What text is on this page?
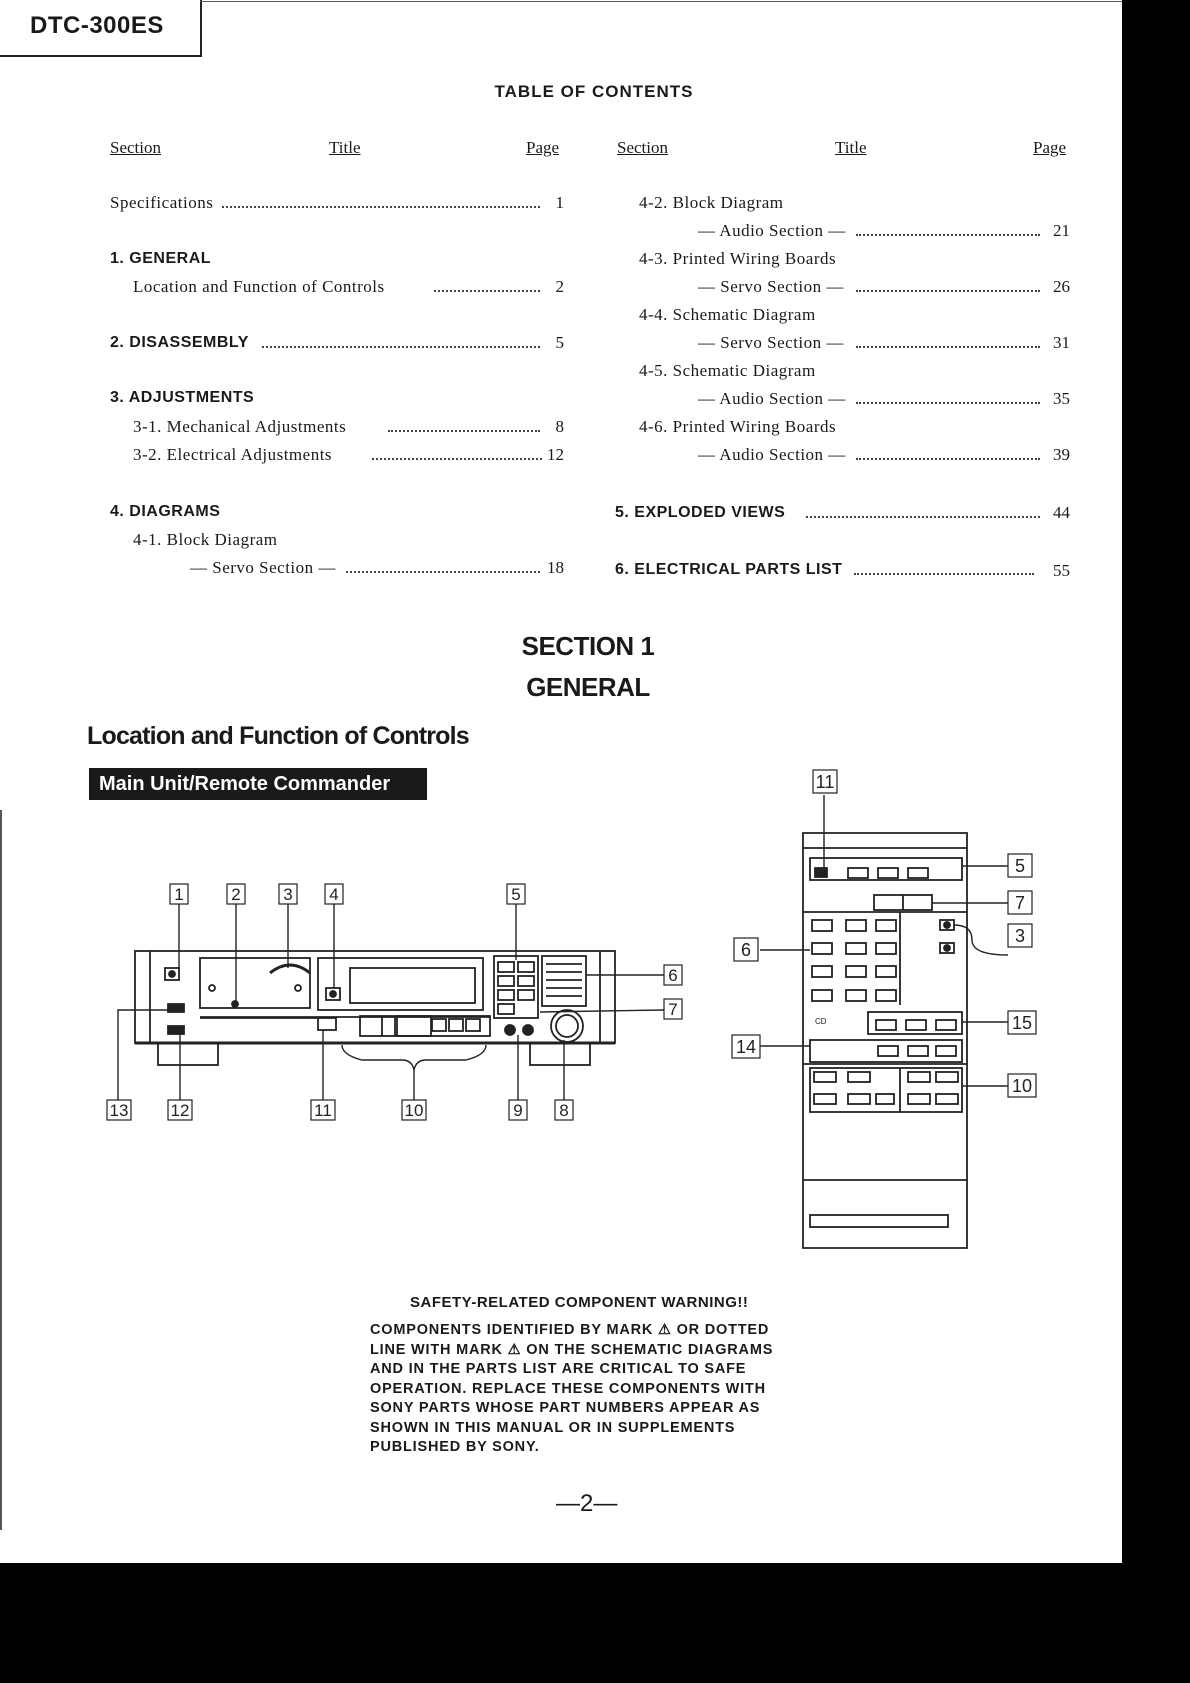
DTC-300ES
TABLE OF CONTENTS
Section	Title	Page	Section	Title	Page
Specifications	1
1. GENERAL
Location and Function of Controls	2
2. DISASSEMBLY	5
3. ADJUSTMENTS
3-1. Mechanical Adjustments	8
3-2. Electrical Adjustments	12
4. DIAGRAMS
4-1. Block Diagram
— Servo Section —	18
4-2. Block Diagram
— Audio Section —	21
4-3. Printed Wiring Boards
— Servo Section —	26
4-4. Schematic Diagram
— Servo Section —	31
4-5. Schematic Diagram
— Audio Section —	35
4-6. Printed Wiring Boards
— Audio Section —	39
5. EXPLODED VIEWS	44
6. ELECTRICAL PARTS LIST	55
SECTION 1
GENERAL
Location and Function of Controls
Main Unit/Remote Commander
1	2	3 4	5
6
7
13 12	11	10	9 8
11
5
7
6
3
15
14
10
CD
SAFETY-RELATED COMPONENT WARNING!!
COMPONENTS IDENTIFIED BY MARK ⚠ OR DOTTED LINE WITH MARK ⚠ ON THE SCHEMATIC DIAGRAMS AND IN THE PARTS LIST ARE CRITICAL TO SAFE OPERATION. REPLACE THESE COMPONENTS WITH SONY PARTS WHOSE PART NUMBERS APPEAR AS SHOWN IN THIS MANUAL OR IN SUPPLEMENTS PUBLISHED BY SONY.
—2—
